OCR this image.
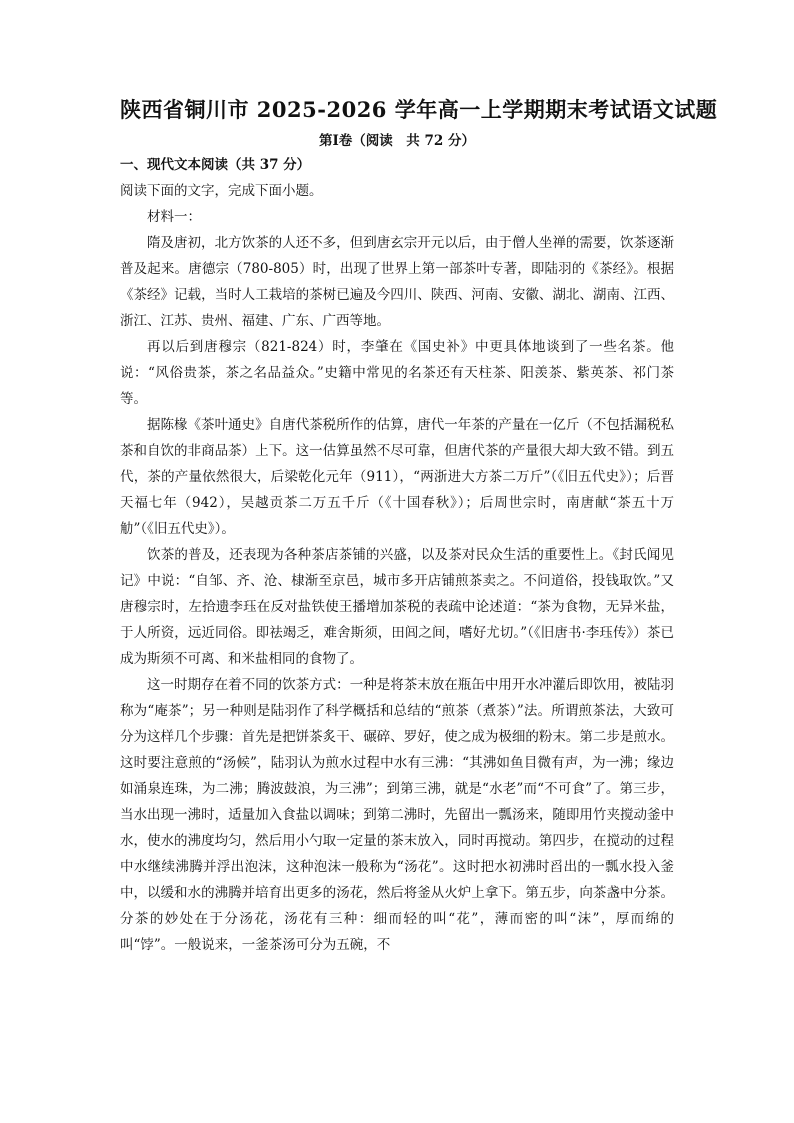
陕西省铜川市 2025-2026 学年高一上学期期末考试语文试题
第Ⅰ卷（阅读　共 72 分）
一、现代文本阅读（共 37 分）
阅读下面的文字，完成下面小题。
材料一：

隋及唐初，北方饮茶的人还不多，但到唐玄宗开元以后，由于僧人坐禅的需要，饮茶逐渐普及起来。唐德宗（780-805）时，出现了世界上第一部茶叶专著，即陆羽的《茶经》。根据《茶经》记载，当时人工栽培的茶树已遍及今四川、陕西、河南、安徽、湖北、湖南、江西、浙江、江苏、贵州、福建、广东、广西等地。

再以后到唐穆宗（821-824）时，李肇在《国史补》中更具体地谈到了一些名茶。他说：“风俗贵茶，茶之名品益众。”史籍中常见的名茶还有天柱茶、阳羡茶、紫英茶、祁门茶等。

据陈椽《茶叶通史》自唐代茶税所作的估算，唐代一年茶的产量在一亿斤（不包括漏税私茶和自饮的非商品茶）上下。这一估算虽然不尽可靠，但唐代茶的产量很大却大致不错。到五代，茶的产量依然很大，后梁乾化元年（911），“两浙进大方茶二万斤”（《旧五代史》）；后晋天福七年（942），吴越贡茶二万五千斤（《十国春秋》）；后周世宗时，南唐献“茶五十万觔”（《旧五代史》）。

饮茶的普及，还表现为各种茶店茶铺的兴盛，以及茶对民众生活的重要性上。《封氏闻见记》中说：“自邹、齐、沧、棣渐至京邑，城市多开店铺煎茶卖之。不问道俗，投钱取饮。”又唐穆宗时，左拾遗李珏在反对盐铁使王播增加茶税的表疏中论述道：“茶为食物，无异米盐，于人所资，远近同俗。即祛竭乏，难舍斯须，田闾之间，嗜好尤切。”（《旧唐书·李珏传》）茶已成为斯须不可离、和米盐相同的食物了。

这一时期存在着不同的饮茶方式：一种是将茶末放在瓶缶中用开水冲灌后即饮用，被陆羽称为“庵茶”；另一种则是陆羽作了科学概括和总结的“煎茶（煮茶）”法。所谓煎茶法，大致可分为这样几个步骤：首先是把饼茶炙干、碾碎、罗好，使之成为极细的粉末。第二步是煎水。这时要注意煎的“汤候”，陆羽认为煎水过程中水有三沸：“其沸如鱼目微有声，为一沸；缘边如涌泉连珠，为二沸；腾波鼓浪，为三沸”；到第三沸，就是“水老”而“不可食”了。第三步，当水出现一沸时，适量加入食盐以调味；到第二沸时，先留出一瓢汤来，随即用竹夹搅动釜中水，使水的沸度均匀，然后用小勺取一定量的茶末放入，同时再搅动。第四步，在搅动的过程中水继续沸腾并浮出泡沫，这种泡沫一般称为“汤花”。这时把水初沸时舀出的一瓢水投入釜中，以缓和水的沸腾并培育出更多的汤花，然后将釜从火炉上拿下。第五步，向茶盏中分茶。分茶的妙处在于分汤花，汤花有三种：细而轻的叫“花”，薄而密的叫“沫”，厚而绵的叫“饽”。一般说来，一釜茶汤可分为五碗，不
